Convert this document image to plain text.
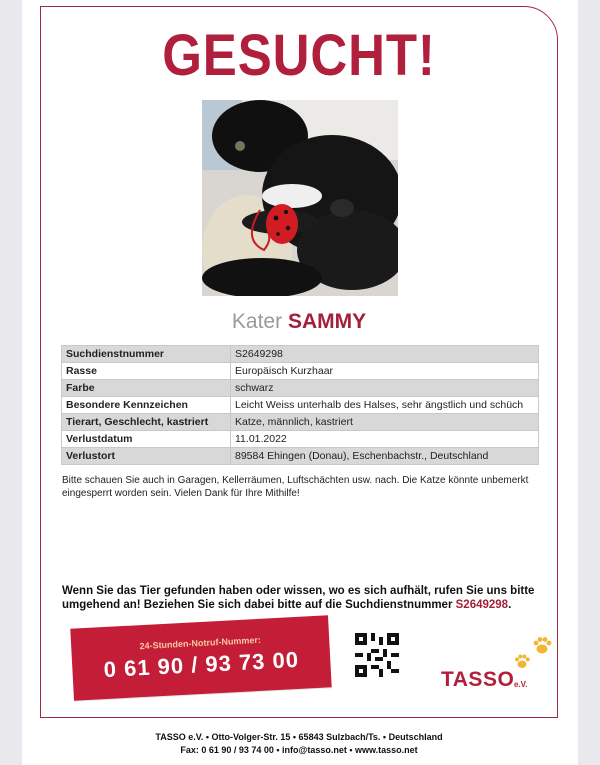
GESUCHT!
Kater SAMMY
Suchdienstnummer	S2649298
Rasse	Europäisch Kurzhaar
Farbe	schwarz
Besondere Kennzeichen	Leicht Weiss unterhalb des Halses, sehr ängstlich und schüch
Tierart, Geschlecht, kastriert	Katze, männlich, kastriert
Verlustdatum	11.01.2022
Verlustort	89584 Ehingen (Donau), Eschenbachstr., Deutschland
Bitte schauen Sie auch in Garagen, Kellerräumen, Luftschächten usw. nach. Die Katze könnte unbemerkt eingesperrt worden sein. Vielen Dank für Ihre Mithilfe!
Wenn Sie das Tier gefunden haben oder wissen, wo es sich aufhält, rufen Sie uns bitte umgehend an! Beziehen Sie sich dabei bitte auf die Suchdienstnummer S2649298.
24-Stunden-Notruf-Nummer:
0 61 90 / 93 73 00	TASSO e.V.
TASSO e.V. • Otto-Volger-Str. 15 • 65843 Sulzbach/Ts. • Deutschland
Fax: 0 61 90 / 93 74 00 • info@tasso.net • www.tasso.net
